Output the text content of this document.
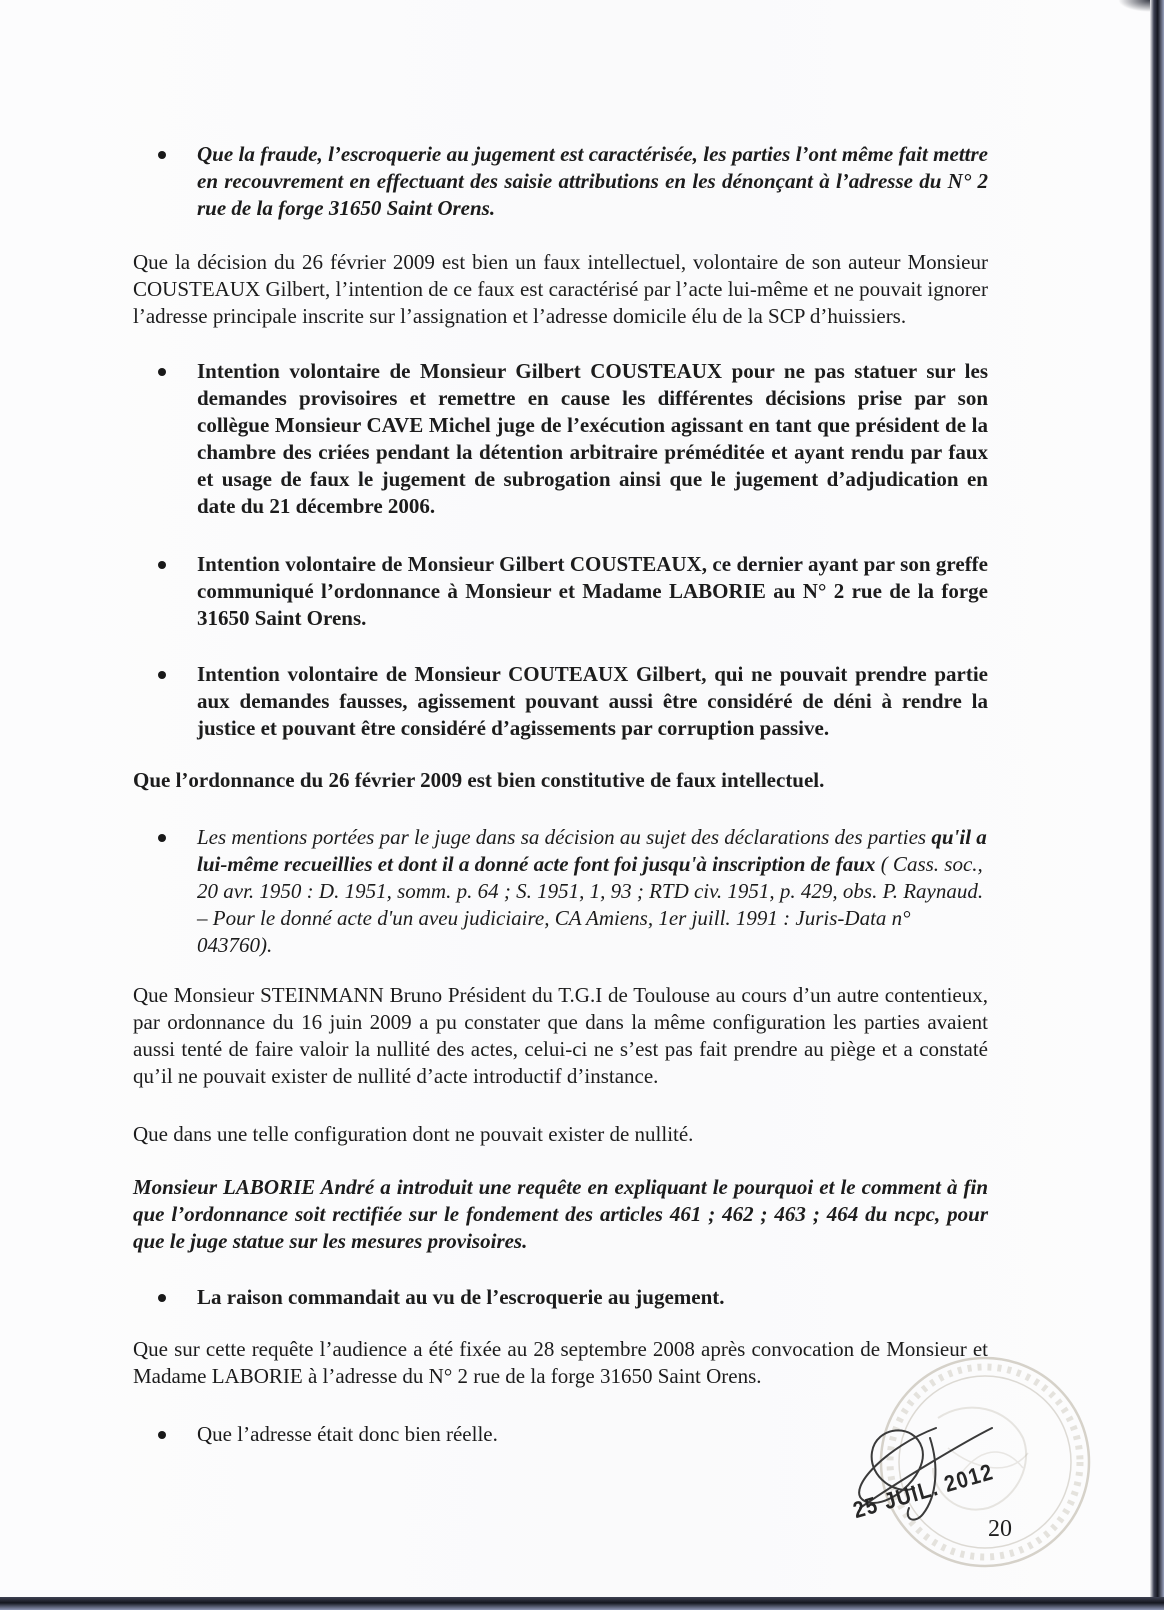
Que la fraude, l’escroquerie au jugement est caractérisée, les parties l’ont même fait mettre en recouvrement en effectuant des saisie attributions en les dénonçant à l’adresse du N° 2 rue de la forge 31650 Saint Orens.
Que la décision du 26 février 2009 est bien un faux intellectuel, volontaire de son auteur Monsieur COUSTEAUX Gilbert, l’intention de ce faux est caractérisé par l’acte lui-même et ne pouvait ignorer l’adresse principale inscrite sur l’assignation et l’adresse domicile élu de la SCP d’huissiers.
Intention volontaire de Monsieur Gilbert COUSTEAUX pour ne pas statuer sur les demandes provisoires et remettre en cause les différentes décisions prise par son collègue Monsieur CAVE Michel juge de l’exécution agissant en tant que président de la chambre des criées pendant la détention arbitraire préméditée et ayant rendu par faux et usage de faux le jugement de subrogation ainsi que le jugement d’adjudication en date du 21 décembre 2006.
Intention volontaire de Monsieur Gilbert COUSTEAUX, ce dernier ayant par son greffe communiqué l’ordonnance à Monsieur et Madame LABORIE au N° 2 rue de la forge 31650 Saint Orens.
Intention volontaire de Monsieur COUTEAUX Gilbert, qui ne pouvait prendre partie aux demandes fausses, agissement pouvant aussi être considéré de déni à rendre la justice et pouvant être considéré d’agissements par corruption passive.
Que l’ordonnance du 26 février 2009 est bien constitutive de faux intellectuel.
Les mentions portées par le juge dans sa décision au sujet des déclarations des parties qu'il a lui-même recueillies et dont il a donné acte font foi jusqu'à inscription de faux ( Cass. soc., 20 avr. 1950 : D. 1951, somm. p. 64 ; S. 1951, 1, 93 ; RTD civ. 1951, p. 429, obs. P. Raynaud. – Pour le donné acte d'un aveu judiciaire, CA Amiens, 1er juill. 1991 : Juris-Data n° 043760).
Que Monsieur STEINMANN Bruno Président du T.G.I de Toulouse au cours d’un autre contentieux, par ordonnance du 16 juin 2009 a pu constater que dans la même configuration les parties avaient aussi tenté de faire valoir la nullité des actes, celui-ci ne s’est pas fait prendre au piège et a constaté qu’il ne pouvait exister de nullité d’acte introductif d’instance.
Que dans une telle configuration dont ne pouvait exister de nullité.
Monsieur LABORIE André a introduit une requête en expliquant le pourquoi et le comment à fin que l’ordonnance soit rectifiée sur le fondement des articles 461 ; 462 ; 463 ; 464 du ncpc, pour que le juge statue sur les mesures provisoires.
La raison commandait au vu de l’escroquerie au jugement.
Que sur cette requête l’audience a été fixée au 28 septembre 2008 après convocation de Monsieur et Madame LABORIE à l’adresse du N° 2 rue de la forge 31650 Saint Orens.
Que l’adresse était donc bien réelle.
25 JUIL. 2012
20
